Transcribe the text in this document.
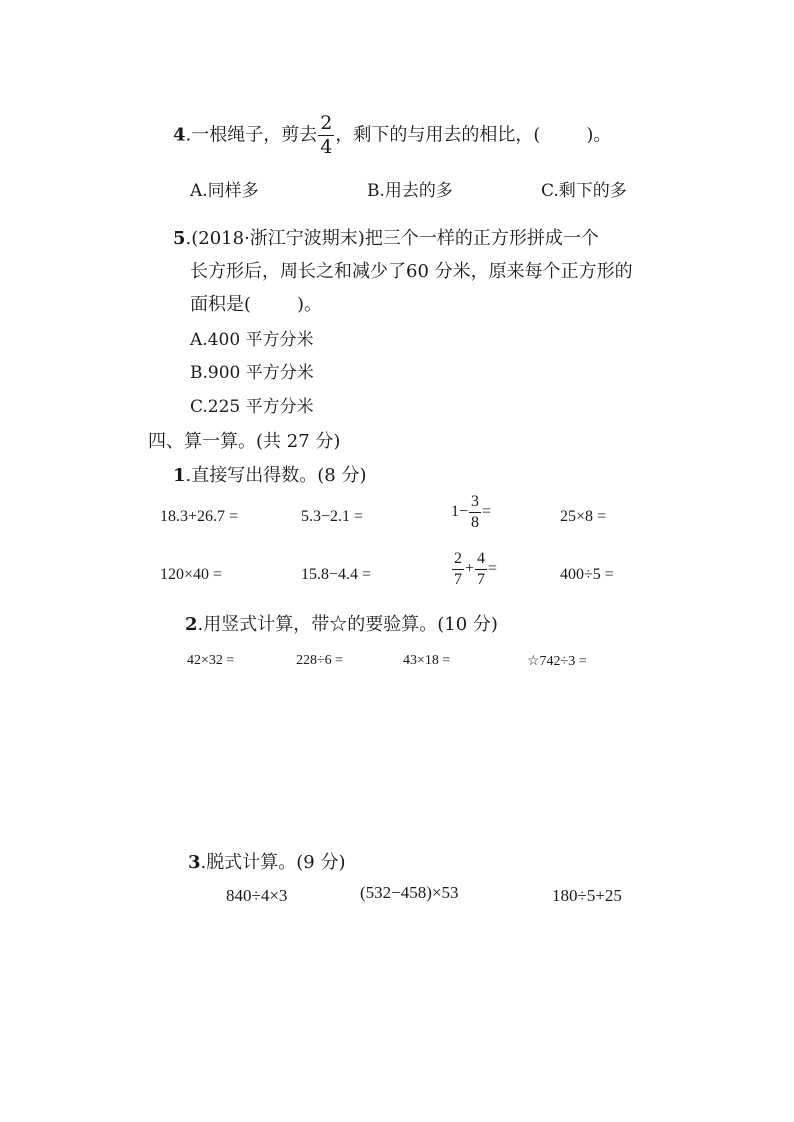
4.一根绳子，剪去 $\frac{2}{4}$ ，剩下的与用去的相比，(	)。
A.同样多	B.用去的多	C.剩下的多
5.(2018·浙江宁波期末)把三个一样的正方形拼成一个
长方形后，周长之和减少了60 分米，原来每个正方形的
面积是(	)。
A.400 平方分米
B.900 平方分米
C.225 平方分米
四、算一算。(共 27 分)
1.直接写出得数。(8 分)
18.3+26.7 =	5.3−2.1 =	$1- \frac{3}{8}$ =	25×8 =
120×40 =	15.8−4.4 =	$\frac{2}{7} + \frac{4}{7}$ =	400÷5 =
2.用竖式计算，带☆的要验算。(10 分)
42×32 =	228÷6 =	43×18 =	☆742÷3 =
3.脱式计算。(9 分)
840÷4×3	(532−458)×53	180÷5+25
